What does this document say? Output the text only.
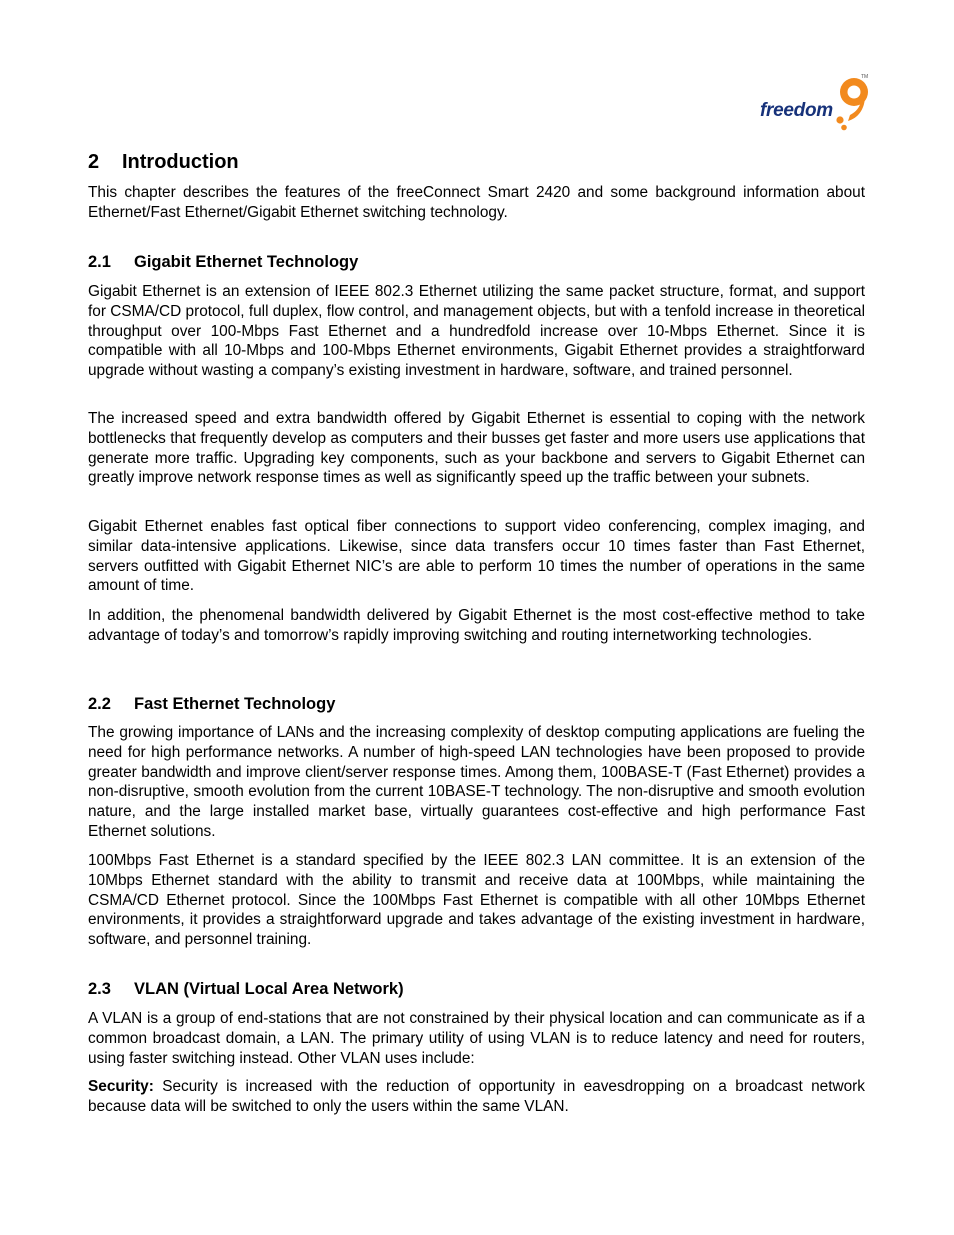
freedom
TM
2 Introduction

This chapter describes the features of the freeConnect Smart 2420 and some background information about Ethernet/Fast Ethernet/Gigabit Ethernet switching technology.

2.1 Gigabit Ethernet Technology

Gigabit Ethernet is an extension of IEEE 802.3 Ethernet utilizing the same packet structure, format, and support for CSMA/CD protocol, full duplex, flow control, and management objects, but with a tenfold increase in theoretical throughput over 100-Mbps Fast Ethernet and a hundredfold increase over 10-Mbps Ethernet. Since it is compatible with all 10-Mbps and 100-Mbps Ethernet environments, Gigabit Ethernet provides a straightforward upgrade without wasting a company’s existing investment in hardware, software, and trained personnel.

The increased speed and extra bandwidth offered by Gigabit Ethernet is essential to coping with the network bottlenecks that frequently develop as computers and their busses get faster and more users use applications that generate more traffic. Upgrading key components, such as your backbone and servers to Gigabit Ethernet can greatly improve network response times as well as significantly speed up the traffic between your subnets.

Gigabit Ethernet enables fast optical fiber connections to support video conferencing, complex imaging, and similar data-intensive applications. Likewise, since data transfers occur 10 times faster than Fast Ethernet, servers outfitted with Gigabit Ethernet NIC’s are able to perform 10 times the number of operations in the same amount of time.

In addition, the phenomenal bandwidth delivered by Gigabit Ethernet is the most cost-effective method to take advantage of today’s and tomorrow’s rapidly improving switching and routing internetworking technologies.

2.2 Fast Ethernet Technology

The growing importance of LANs and the increasing complexity of desktop computing applications are fueling the need for high performance networks. A number of high-speed LAN technologies have been proposed to provide greater bandwidth and improve client/server response times. Among them, 100BASE-T (Fast Ethernet) provides a non-disruptive, smooth evolution from the current 10BASE-T technology. The non-disruptive and smooth evolution nature, and the large installed market base, virtually guarantees cost-effective and high performance Fast Ethernet solutions.

100Mbps Fast Ethernet is a standard specified by the IEEE 802.3 LAN committee. It is an extension of the 10Mbps Ethernet standard with the ability to transmit and receive data at 100Mbps, while maintaining the CSMA/CD Ethernet protocol. Since the 100Mbps Fast Ethernet is compatible with all other 10Mbps Ethernet environments, it provides a straightforward upgrade and takes advantage of the existing investment in hardware, software, and personnel training.

2.3 VLAN (Virtual Local Area Network)

A VLAN is a group of end-stations that are not constrained by their physical location and can communicate as if a common broadcast domain, a LAN. The primary utility of using VLAN is to reduce latency and need for routers, using faster switching instead. Other VLAN uses include:

Security: Security is increased with the reduction of opportunity in eavesdropping on a broadcast network because data will be switched to only the users within the same VLAN.
